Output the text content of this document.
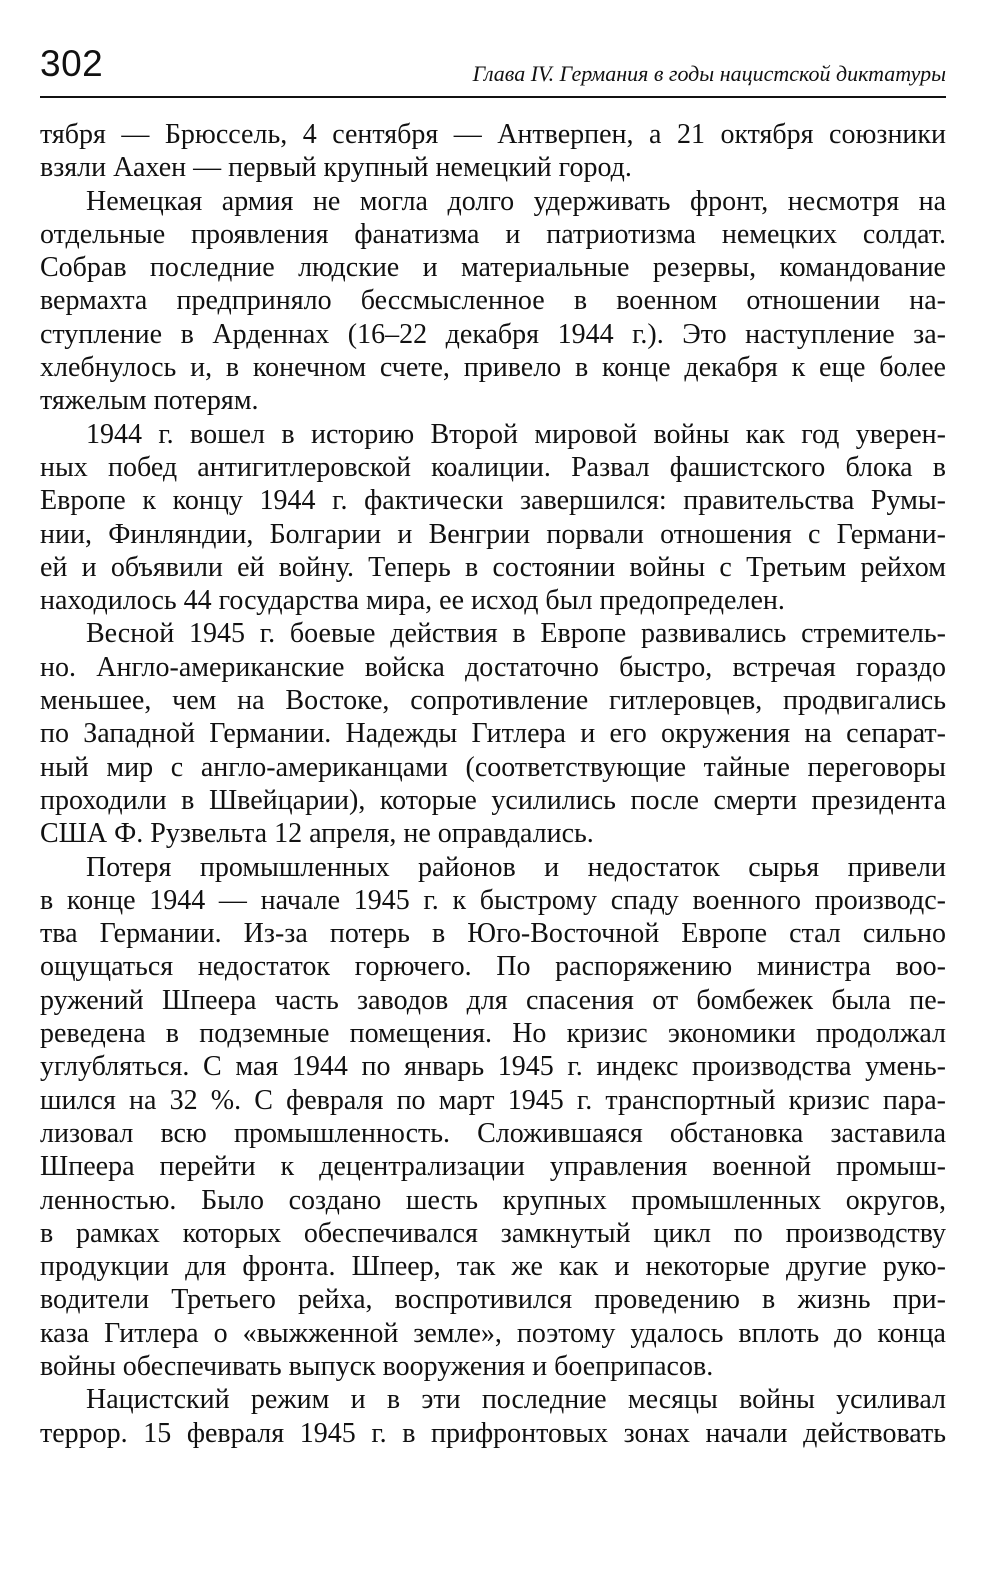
302	Глава IV. Германия в годы нацистской диктатуры

тября — Брюссель, 4 сентября — Антверпен, а 21 октября союзники
взяли Аахен — первый крупный немецкий город.

Немецкая армия не могла долго удерживать фронт, несмотря на
отдельные проявления фанатизма и патриотизма немецких солдат.
Собрав последние людские и материальные резервы, командование
вермахта предприняло бессмысленное в военном отношении на-
ступление в Арденнах (16–22 декабря 1944 г.). Это наступление за-
хлебнулось и, в конечном счете, привело в конце декабря к еще более
тяжелым потерям.

1944 г. вошел в историю Второй мировой войны как год уверен-
ных побед антигитлеровской коалиции. Развал фашистского блока в
Европе к концу 1944 г. фактически завершился: правительства Румы-
нии, Финляндии, Болгарии и Венгрии порвали отношения с Германи-
ей и объявили ей войну. Теперь в состоянии войны с Третьим рейхом
находилось 44 государства мира, ее исход был предопределен.

Весной 1945 г. боевые действия в Европе развивались стремитель-
но. Англо-американские войска достаточно быстро, встречая гораздо
меньшее, чем на Востоке, сопротивление гитлеровцев, продвигались
по Западной Германии. Надежды Гитлера и его окружения на сепарат-
ный мир с англо-американцами (соответствующие тайные переговоры
проходили в Швейцарии), которые усилились после смерти президента
США Ф. Рузвельта 12 апреля, не оправдались.

Потеря промышленных районов и недостаток сырья привели
в конце 1944 — начале 1945 г. к быстрому спаду военного производс-
тва Германии. Из-за потерь в Юго-Восточной Европе стал сильно
ощущаться недостаток горючего. По распоряжению министра воо-
ружений Шпеера часть заводов для спасения от бомбежек была пе-
реведена в подземные помещения. Но кризис экономики продолжал
углубляться. С мая 1944 по январь 1945 г. индекс производства умень-
шился на 32 %. С февраля по март 1945 г. транспортный кризис пара-
лизовал всю промышленность. Сложившаяся обстановка заставила
Шпеера перейти к децентрализации управления военной промыш-
ленностью. Было создано шесть крупных промышленных округов,
в рамках которых обеспечивался замкнутый цикл по производству
продукции для фронта. Шпеер, так же как и некоторые другие руко-
водители Третьего рейха, воспротивился проведению в жизнь при-
каза Гитлера о «выжженной земле», поэтому удалось вплоть до конца
войны обеспечивать выпуск вооружения и боеприпасов.

Нацистский режим и в эти последние месяцы войны усиливал
террор. 15 февраля 1945 г. в прифронтовых зонах начали действовать
